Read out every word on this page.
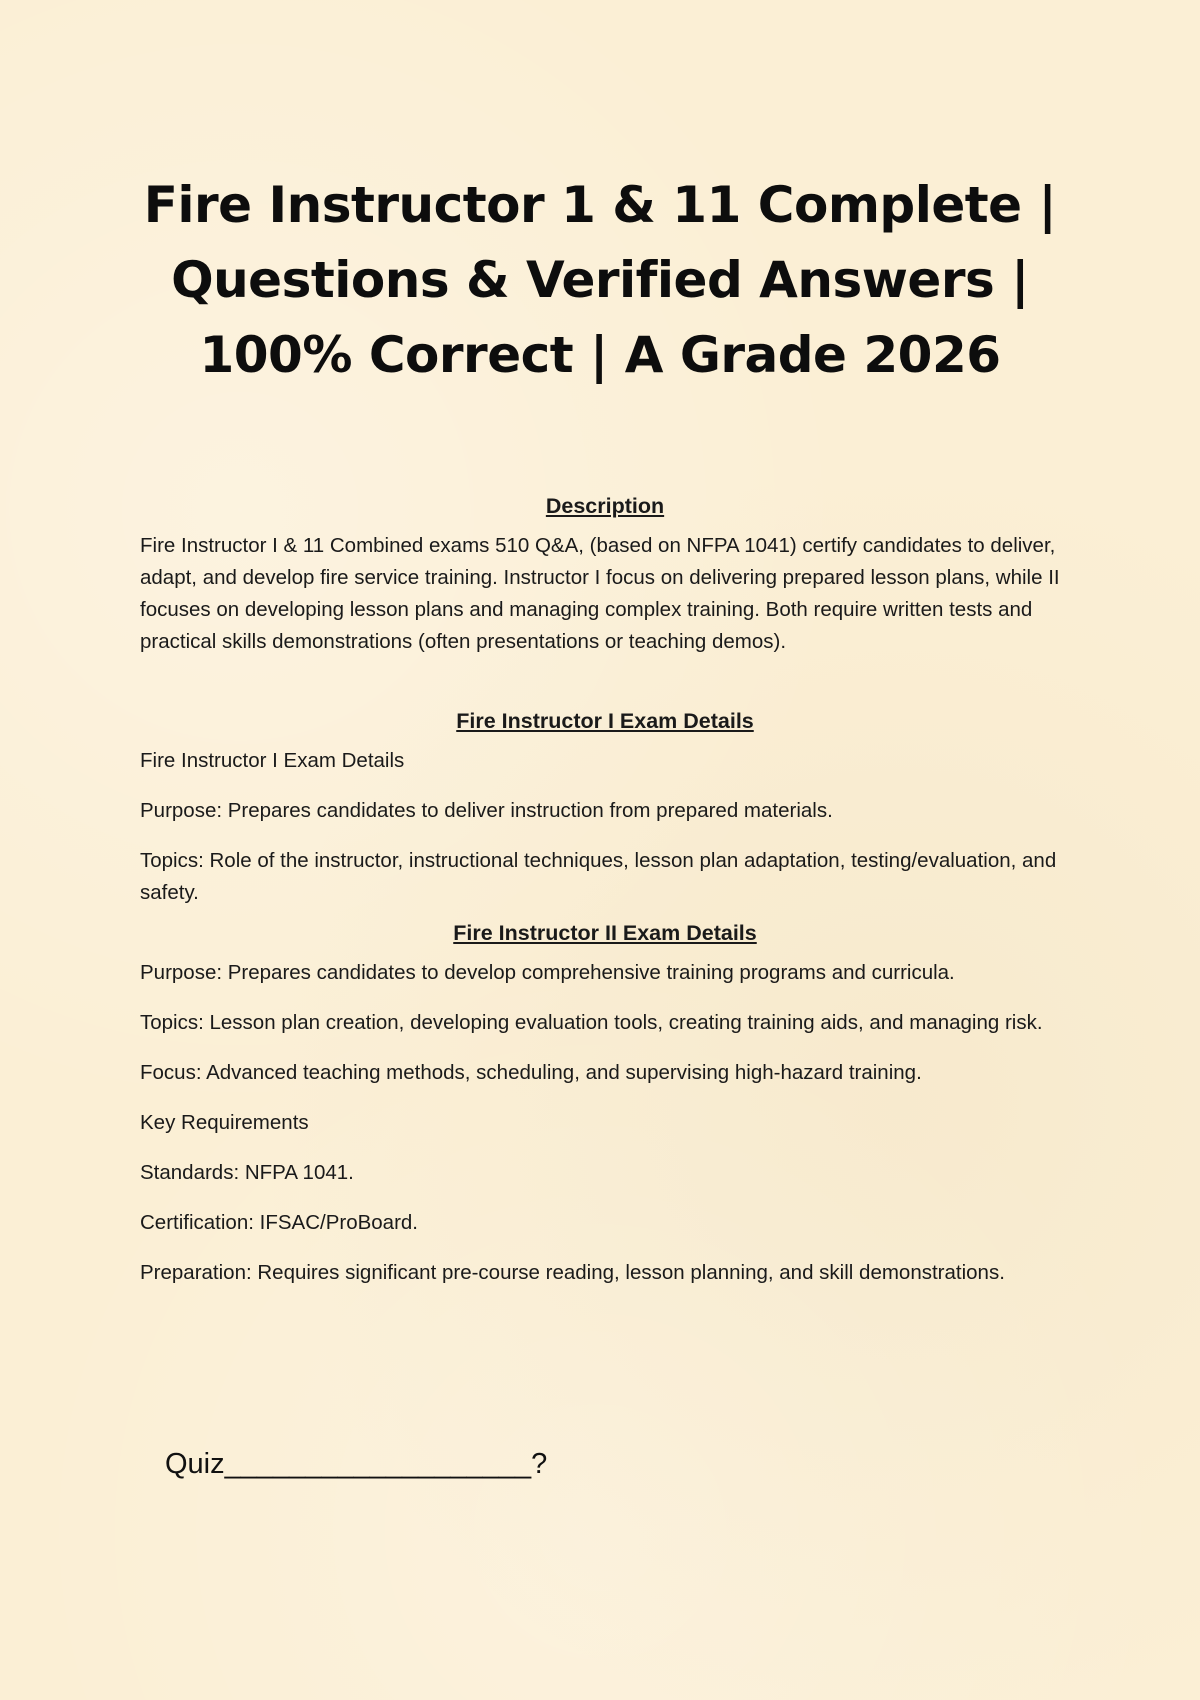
Fire Instructor 1 & 11 Complete |
Questions & Verified Answers |
100% Correct | A Grade 2026

Description

Fire Instructor I & 11 Combined exams 510 Q&A, (based on NFPA 1041) certify candidates to deliver, adapt, and develop fire service training. Instructor I focus on delivering prepared lesson plans, while II focuses on developing lesson plans and managing complex training. Both require written tests and practical skills demonstrations (often presentations or teaching demos).

Fire Instructor I Exam Details

Fire Instructor I Exam Details

Purpose: Prepares candidates to deliver instruction from prepared materials.

Topics: Role of the instructor, instructional techniques, lesson plan adaptation, testing/evaluation, and safety.

Fire Instructor II Exam Details

Purpose: Prepares candidates to develop comprehensive training programs and curricula.

Topics: Lesson plan creation, developing evaluation tools, creating training aids, and managing risk.

Focus: Advanced teaching methods, scheduling, and supervising high-hazard training.

Key Requirements

Standards: NFPA 1041.

Certification: IFSAC/ProBoard.

Preparation: Requires significant pre-course reading, lesson planning, and skill demonstrations.

Quiz___________________?
